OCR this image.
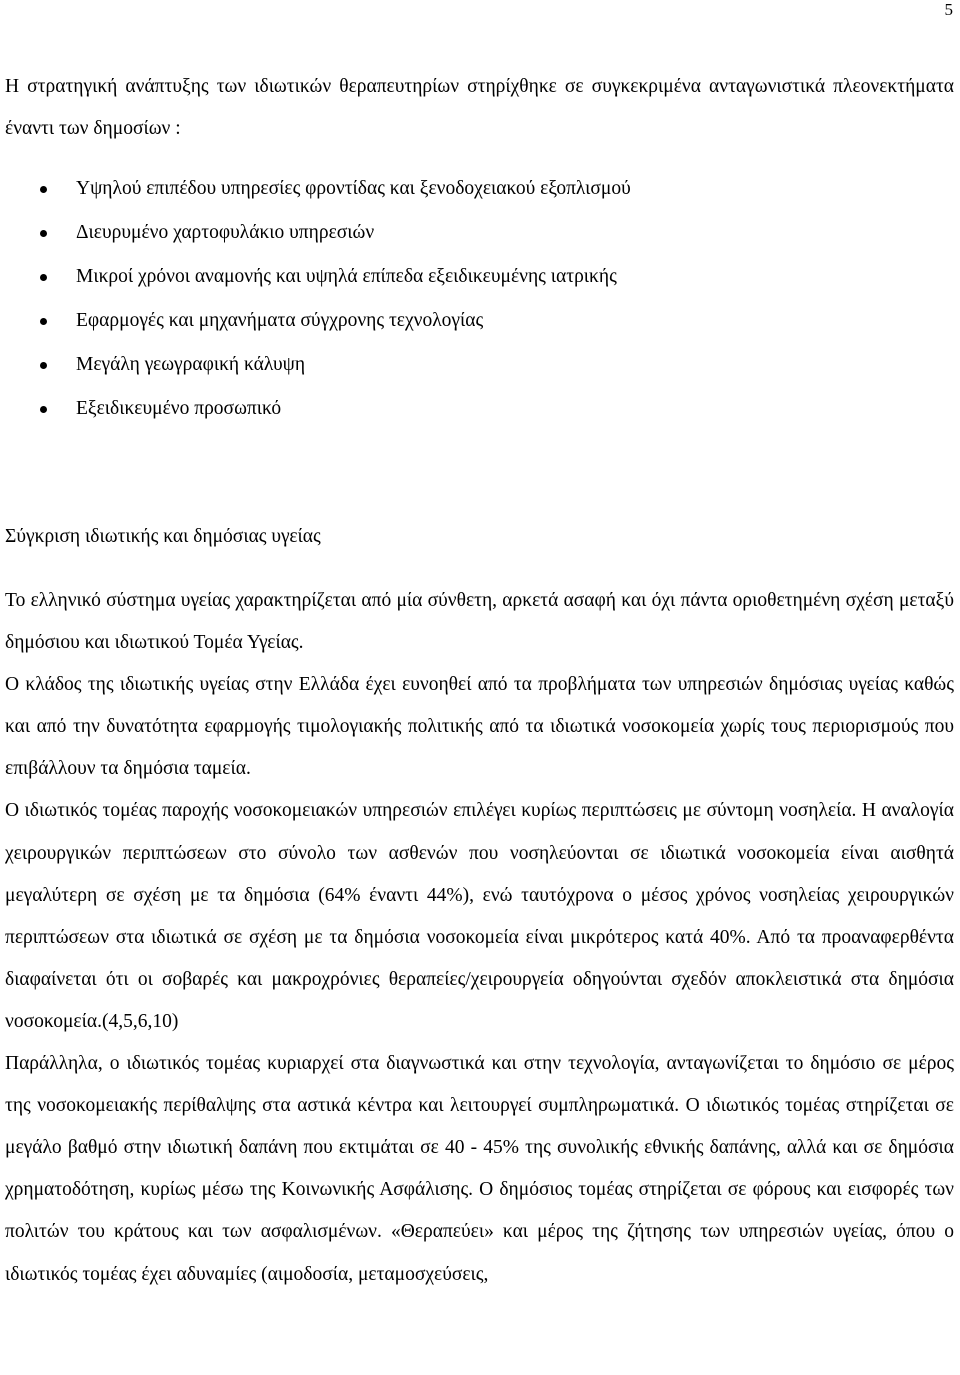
5

Η στρατηγική ανάπτυξης των ιδιωτικών θεραπευτηρίων στηρίχθηκε σε συγκεκριμένα ανταγωνιστικά πλεονεκτήματα έναντι των δημοσίων :

Υψηλού επιπέδου υπηρεσίες φροντίδας και ξενοδοχειακού εξοπλισμού
Διευρυμένο χαρτοφυλάκιο υπηρεσιών
Μικροί χρόνοι αναμονής και υψηλά επίπεδα εξειδικευμένης ιατρικής
Εφαρμογές και μηχανήματα σύγχρονης τεχνολογίας
Μεγάλη γεωγραφική κάλυψη
Εξειδικευμένο προσωπικό
Σύγκριση ιδιωτικής και δημόσιας υγείας

Το ελληνικό σύστημα υγείας χαρακτηρίζεται από μία σύνθετη, αρκετά ασαφή και όχι πάντα οριοθετημένη σχέση μεταξύ δημόσιου και ιδιωτικού Τομέα Υγείας.

Ο κλάδος της ιδιωτικής υγείας στην Ελλάδα έχει ευνοηθεί από τα προβλήματα των υπηρεσιών δημόσιας υγείας καθώς και από την δυνατότητα εφαρμογής τιμολογιακής πολιτικής από τα ιδιωτικά νοσοκομεία χωρίς τους περιορισμούς που επιβάλλουν τα δημόσια ταμεία.

Ο ιδιωτικός τομέας παροχής νοσοκομειακών υπηρεσιών επιλέγει κυρίως περιπτώσεις με σύντομη νοσηλεία. Η αναλογία χειρουργικών περιπτώσεων στο σύνολο των ασθενών που νοσηλεύονται σε ιδιωτικά νοσοκομεία είναι αισθητά μεγαλύτερη σε σχέση με τα δημόσια (64% έναντι 44%), ενώ ταυτόχρονα ο μέσος χρόνος νοσηλείας χειρουργικών περιπτώσεων στα ιδιωτικά σε σχέση με τα δημόσια νοσοκομεία είναι μικρότερος κατά 40%. Από τα προαναφερθέντα διαφαίνεται ότι οι σοβαρές και μακροχρόνιες θεραπείες/χειρουργεία οδηγούνται σχεδόν αποκλειστικά στα δημόσια νοσοκομεία.(4,5,6,10)

Παράλληλα, ο ιδιωτικός τομέας κυριαρχεί στα διαγνωστικά και στην τεχνολογία, ανταγωνίζεται το δημόσιο σε μέρος της νοσοκομειακής περίθαλψης στα αστικά κέντρα και λειτουργεί συμπληρωματικά. Ο ιδιωτικός τομέας στηρίζεται σε μεγάλο βαθμό στην ιδιωτική δαπάνη που εκτιμάται σε 40 - 45% της συνολικής εθνικής δαπάνης, αλλά και σε δημόσια χρηματοδότηση, κυρίως μέσω της Κοινωνικής Ασφάλισης. Ο δημόσιος τομέας στηρίζεται σε φόρους και εισφορές των πολιτών του κράτους και των ασφαλισμένων. «Θεραπεύει» και μέρος της ζήτησης των υπηρεσιών υγείας, όπου ο ιδιωτικός τομέας έχει αδυναμίες (αιμοδοσία, μεταμοσχεύσεις,
